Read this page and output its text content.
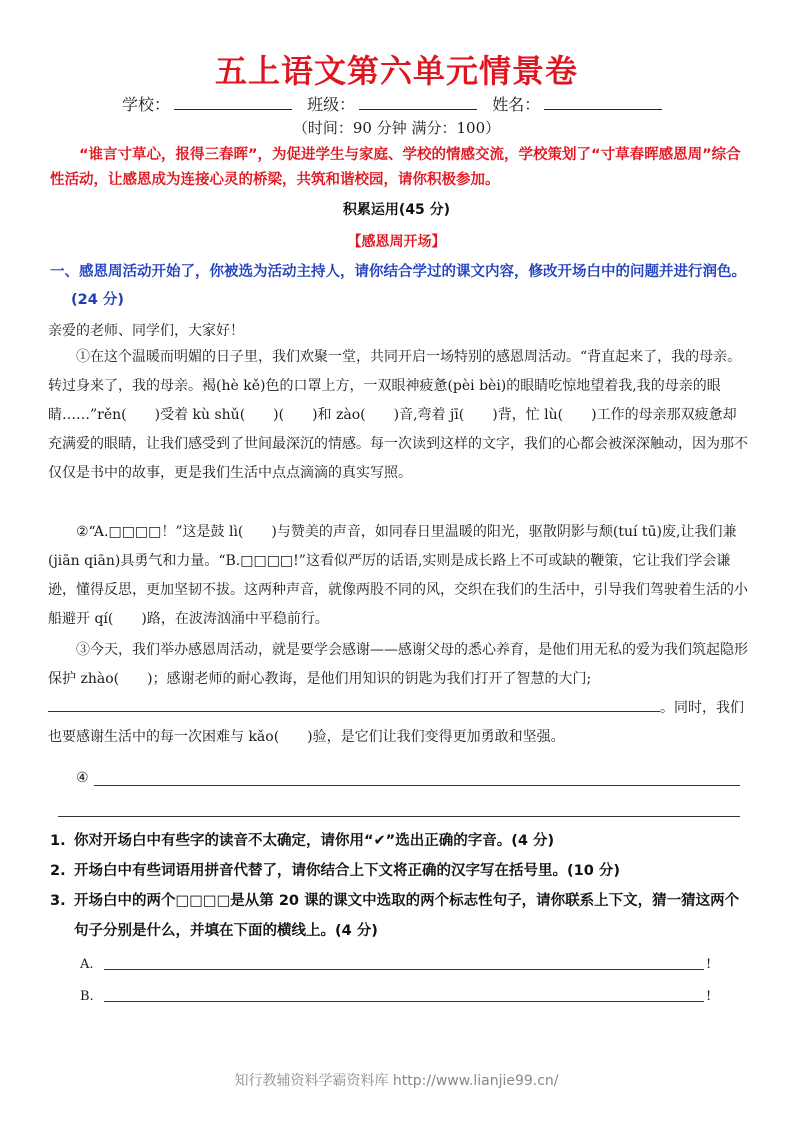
五上语文第六单元情景卷
学校：	班级：	姓名：
（时间：90 分钟 满分：100）
“谁言寸草心，报得三春晖”，为促进学生与家庭、学校的情感交流，学校策划了“寸草春晖感恩周”综合性活动，让感恩成为连接心灵的桥梁，共筑和谐校园，请你积极参加。
积累运用(45 分)
【感恩周开场】
一、感恩周活动开始了，你被选为活动主持人，请你结合学过的课文内容，修改开场白中的问题并进行润色。(24 分)
亲爱的老师、同学们，大家好！
①在这个温暖而明媚的日子里，我们欢聚一堂，共同开启一场特别的感恩周活动。“背直起来了，我的母亲。转过身来了，我的母亲。褐(hè kě)色的口罩上方，一双眼神疲惫(pèi bèi)的眼睛吃惊地望着我,我的母亲的眼睛……”rěn(　　)受着 kù shǔ(　　)(　　)和 zào(　　)音,弯着 jī(　　)背，忙 lù(　　)工作的母亲那双疲惫却充满爱的眼睛，让我们感受到了世间最深沉的情感。每一次读到这样的文字，我们的心都会被深深触动，因为那不仅仅是书中的故事，更是我们生活中点点滴滴的真实写照。
②“A.□□□□！”这是鼓 lì(　　)与赞美的声音，如同春日里温暖的阳光，驱散阴影与颓(tuí tū)废,让我们兼(jiān qiān)具勇气和力量。“B.□□□□!”这看似严厉的话语,实则是成长路上不可或缺的鞭策，它让我们学会谦逊，懂得反思，更加坚韧不拔。这两种声音，就像两股不同的风，交织在我们的生活中，引导我们驾驶着生活的小船避开 qí(　　)路，在波涛汹涌中平稳前行。
③今天，我们举办感恩周活动，就是要学会感谢——感谢父母的悉心养育，是他们用无私的爱为我们筑起隐形保护 zhào(　　)；感谢老师的耐心教诲，是他们用知识的钥匙为我们打开了智慧的大门;。同时，我们也要感谢生活中的每一次困难与 kǎo(　　)验，是它们让我们变得更加勇敢和坚强。
④
1. 你对开场白中有些字的读音不太确定，请你用“✔”选出正确的字音。(4 分)
2. 开场白中有些词语用拼音代替了，请你结合上下文将正确的汉字写在括号里。(10 分)
3. 开场白中的两个□□□□是从第 20 课的课文中选取的两个标志性句子，请你联系上下文，猜一猜这两个句子分别是什么，并填在下面的横线上。(4 分)
A.	!
B.	!
知行教辅资料学霸资料库 http://www.lianjie99.cn/
